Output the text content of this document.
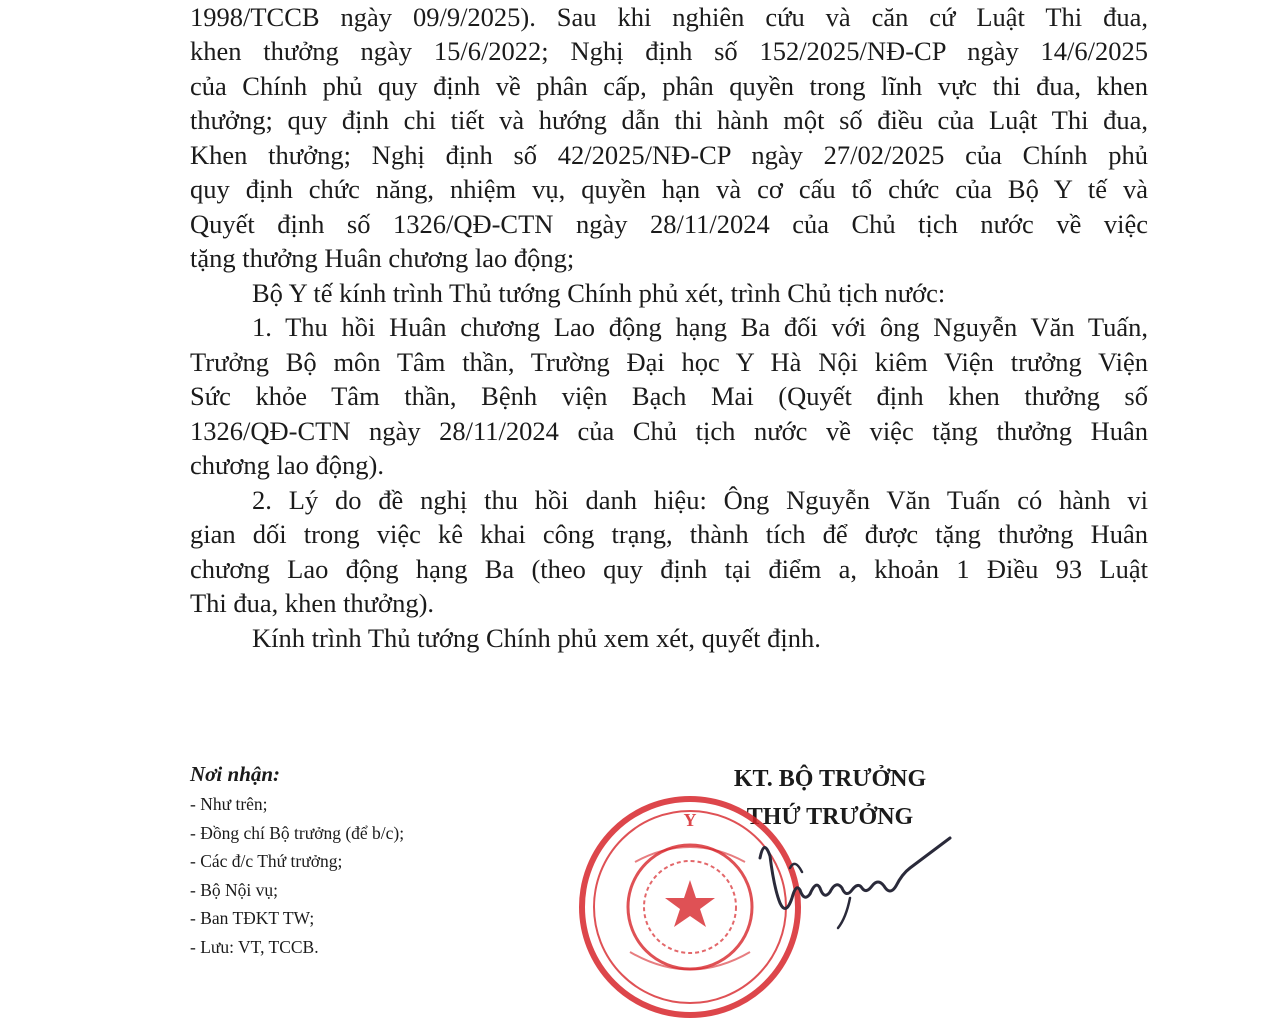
1998/TCCB ngày 09/9/2025). Sau khi nghiên cứu và căn cứ Luật Thi đua,
khen thưởng ngày 15/6/2022; Nghị định số 152/2025/NĐ-CP ngày 14/6/2025
của Chính phủ quy định về phân cấp, phân quyền trong lĩnh vực thi đua, khen
thưởng; quy định chi tiết và hướng dẫn thi hành một số điều của Luật Thi đua,
Khen thưởng; Nghị định số 42/2025/NĐ-CP ngày 27/02/2025 của Chính phủ
quy định chức năng, nhiệm vụ, quyền hạn và cơ cấu tổ chức của Bộ Y tế và
Quyết định số 1326/QĐ-CTN ngày 28/11/2024 của Chủ tịch nước về việc
tặng thưởng Huân chương lao động;
Bộ Y tế kính trình Thủ tướng Chính phủ xét, trình Chủ tịch nước:
1. Thu hồi Huân chương Lao động hạng Ba đối với ông Nguyễn Văn Tuấn,
Trưởng Bộ môn Tâm thần, Trường Đại học Y Hà Nội kiêm Viện trưởng Viện
Sức khỏe Tâm thần, Bệnh viện Bạch Mai (Quyết định khen thưởng số
1326/QĐ-CTN ngày 28/11/2024 của Chủ tịch nước về việc tặng thưởng Huân
chương lao động).
2. Lý do đề nghị thu hồi danh hiệu: Ông Nguyễn Văn Tuấn có hành vi
gian dối trong việc kê khai công trạng, thành tích để được tặng thưởng Huân
chương Lao động hạng Ba (theo quy định tại điểm a, khoản 1 Điều 93 Luật
Thi đua, khen thưởng).
Kính trình Thủ tướng Chính phủ xem xét, quyết định.
Nơi nhận:
- Như trên;
- Đồng chí Bộ trưởng (để b/c);
- Các đ/c Thứ trưởng;
- Bộ Nội vụ;
- Ban TĐKT TW;
- Lưu: VT, TCCB.
KT. BỘ TRƯỞNG
THỨ TRƯỞNG
Y
